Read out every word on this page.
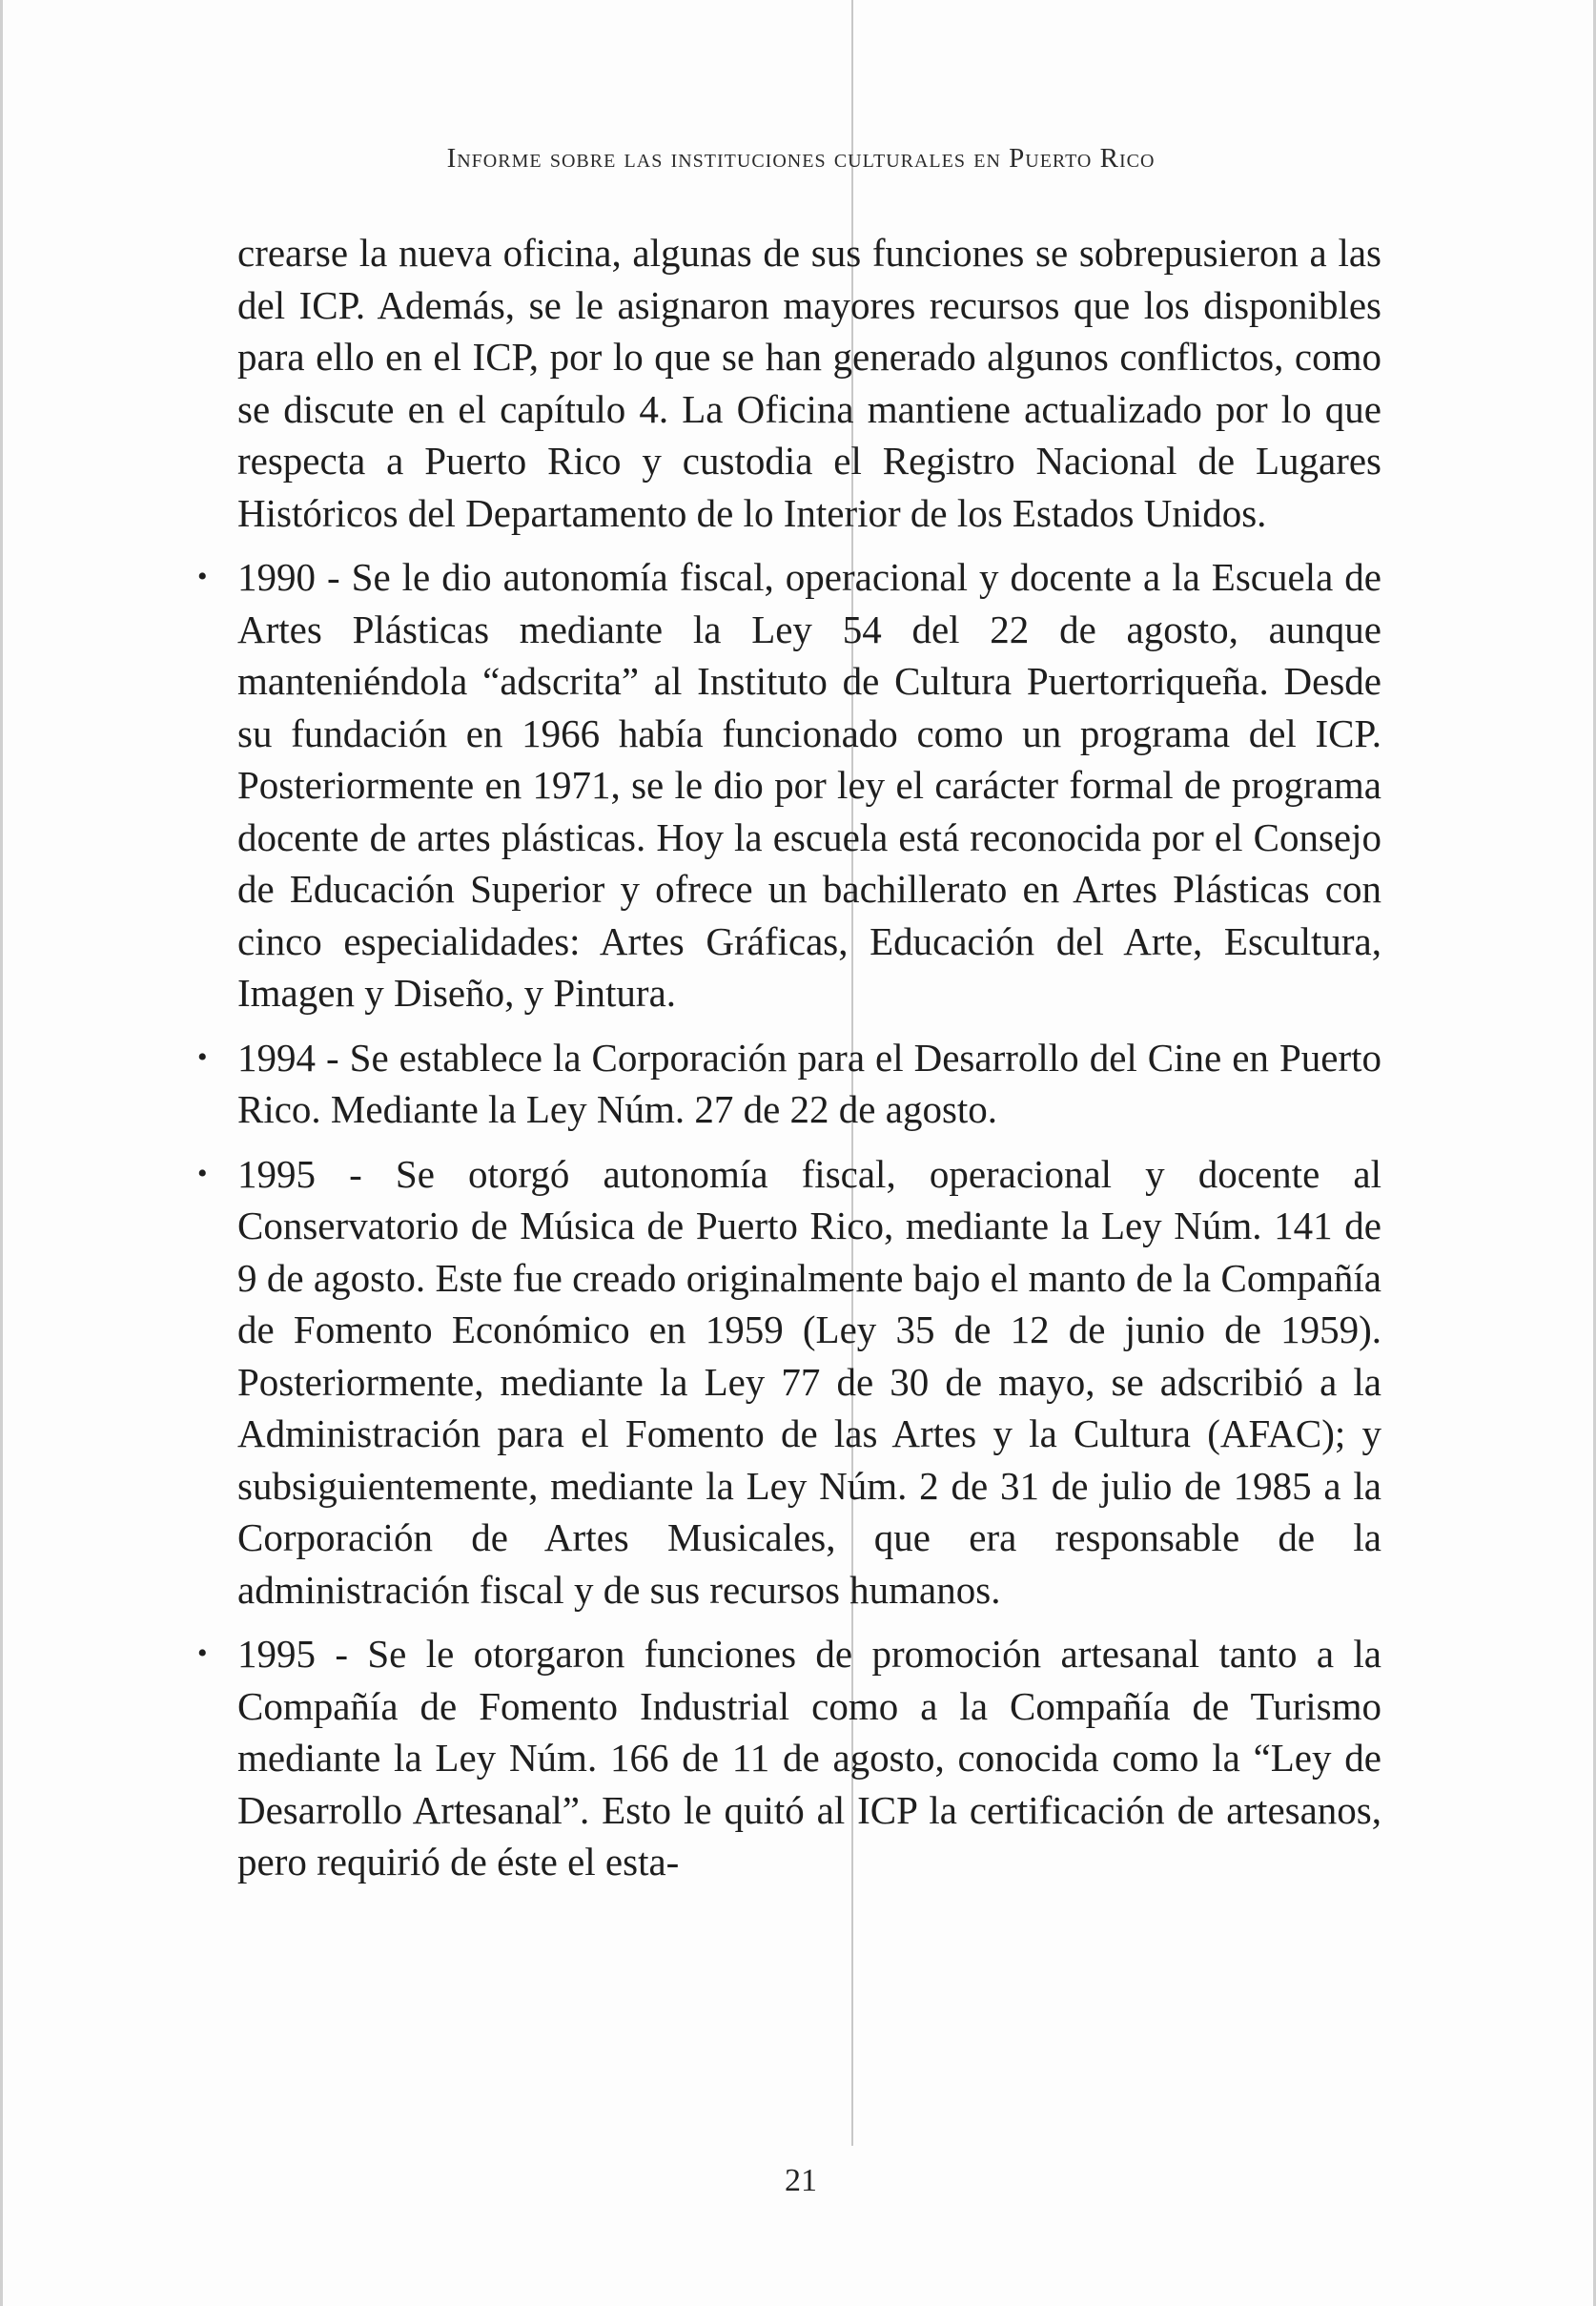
Informe sobre las instituciones culturales en Puerto Rico

crearse la nueva oficina, algunas de sus funciones se sobrepusieron a las del ICP. Además, se le asignaron mayores recursos que los disponibles para ello en el ICP, por lo que se han generado algunos conflictos, como se discute en el capítulo 4. La Oficina mantiene actualizado por lo que respecta a Puerto Rico y custodia el Registro Nacional de Lugares Históricos del Departamento de lo Interior de los Estados Unidos.

• 1990 - Se le dio autonomía fiscal, operacional y docente a la Escuela de Artes Plásticas mediante la Ley 54 del 22 de agosto, aunque manteniéndola “adscrita” al Instituto de Cultura Puertorriqueña. Desde su fundación en 1966 había funcionado como un programa del ICP. Posteriormente en 1971, se le dio por ley el carácter formal de programa docente de artes plásticas. Hoy la escuela está reconocida por el Consejo de Educación Superior y ofrece un bachillerato en Artes Plásticas con cinco especialidades: Artes Gráficas, Educación del Arte, Escultura, Imagen y Diseño, y Pintura.
• 1994 - Se establece la Corporación para el Desarrollo del Cine en Puerto Rico. Mediante la Ley Núm. 27 de 22 de agosto.
• 1995 - Se otorgó autonomía fiscal, operacional y docente al Conservatorio de Música de Puerto Rico, mediante la Ley Núm. 141 de 9 de agosto. Este fue creado originalmente bajo el manto de la Compañía de Fomento Económico en 1959 (Ley 35 de 12 de junio de 1959). Posteriormente, mediante la Ley 77 de 30 de mayo, se adscribió a la Administración para el Fomento de las Artes y la Cultura (AFAC); y subsiguientemente, mediante la Ley Núm. 2 de 31 de julio de 1985 a la Corporación de Artes Musicales, que era responsable de la administración fiscal y de sus recursos humanos.
• 1995 - Se le otorgaron funciones de promoción artesanal tanto a la Compañía de Fomento Industrial como a la Compañía de Turismo mediante la Ley Núm. 166 de 11 de agosto, conocida como la “Ley de Desarrollo Artesanal”. Esto le quitó al ICP la certificación de artesanos, pero requirió de éste el esta-
21
